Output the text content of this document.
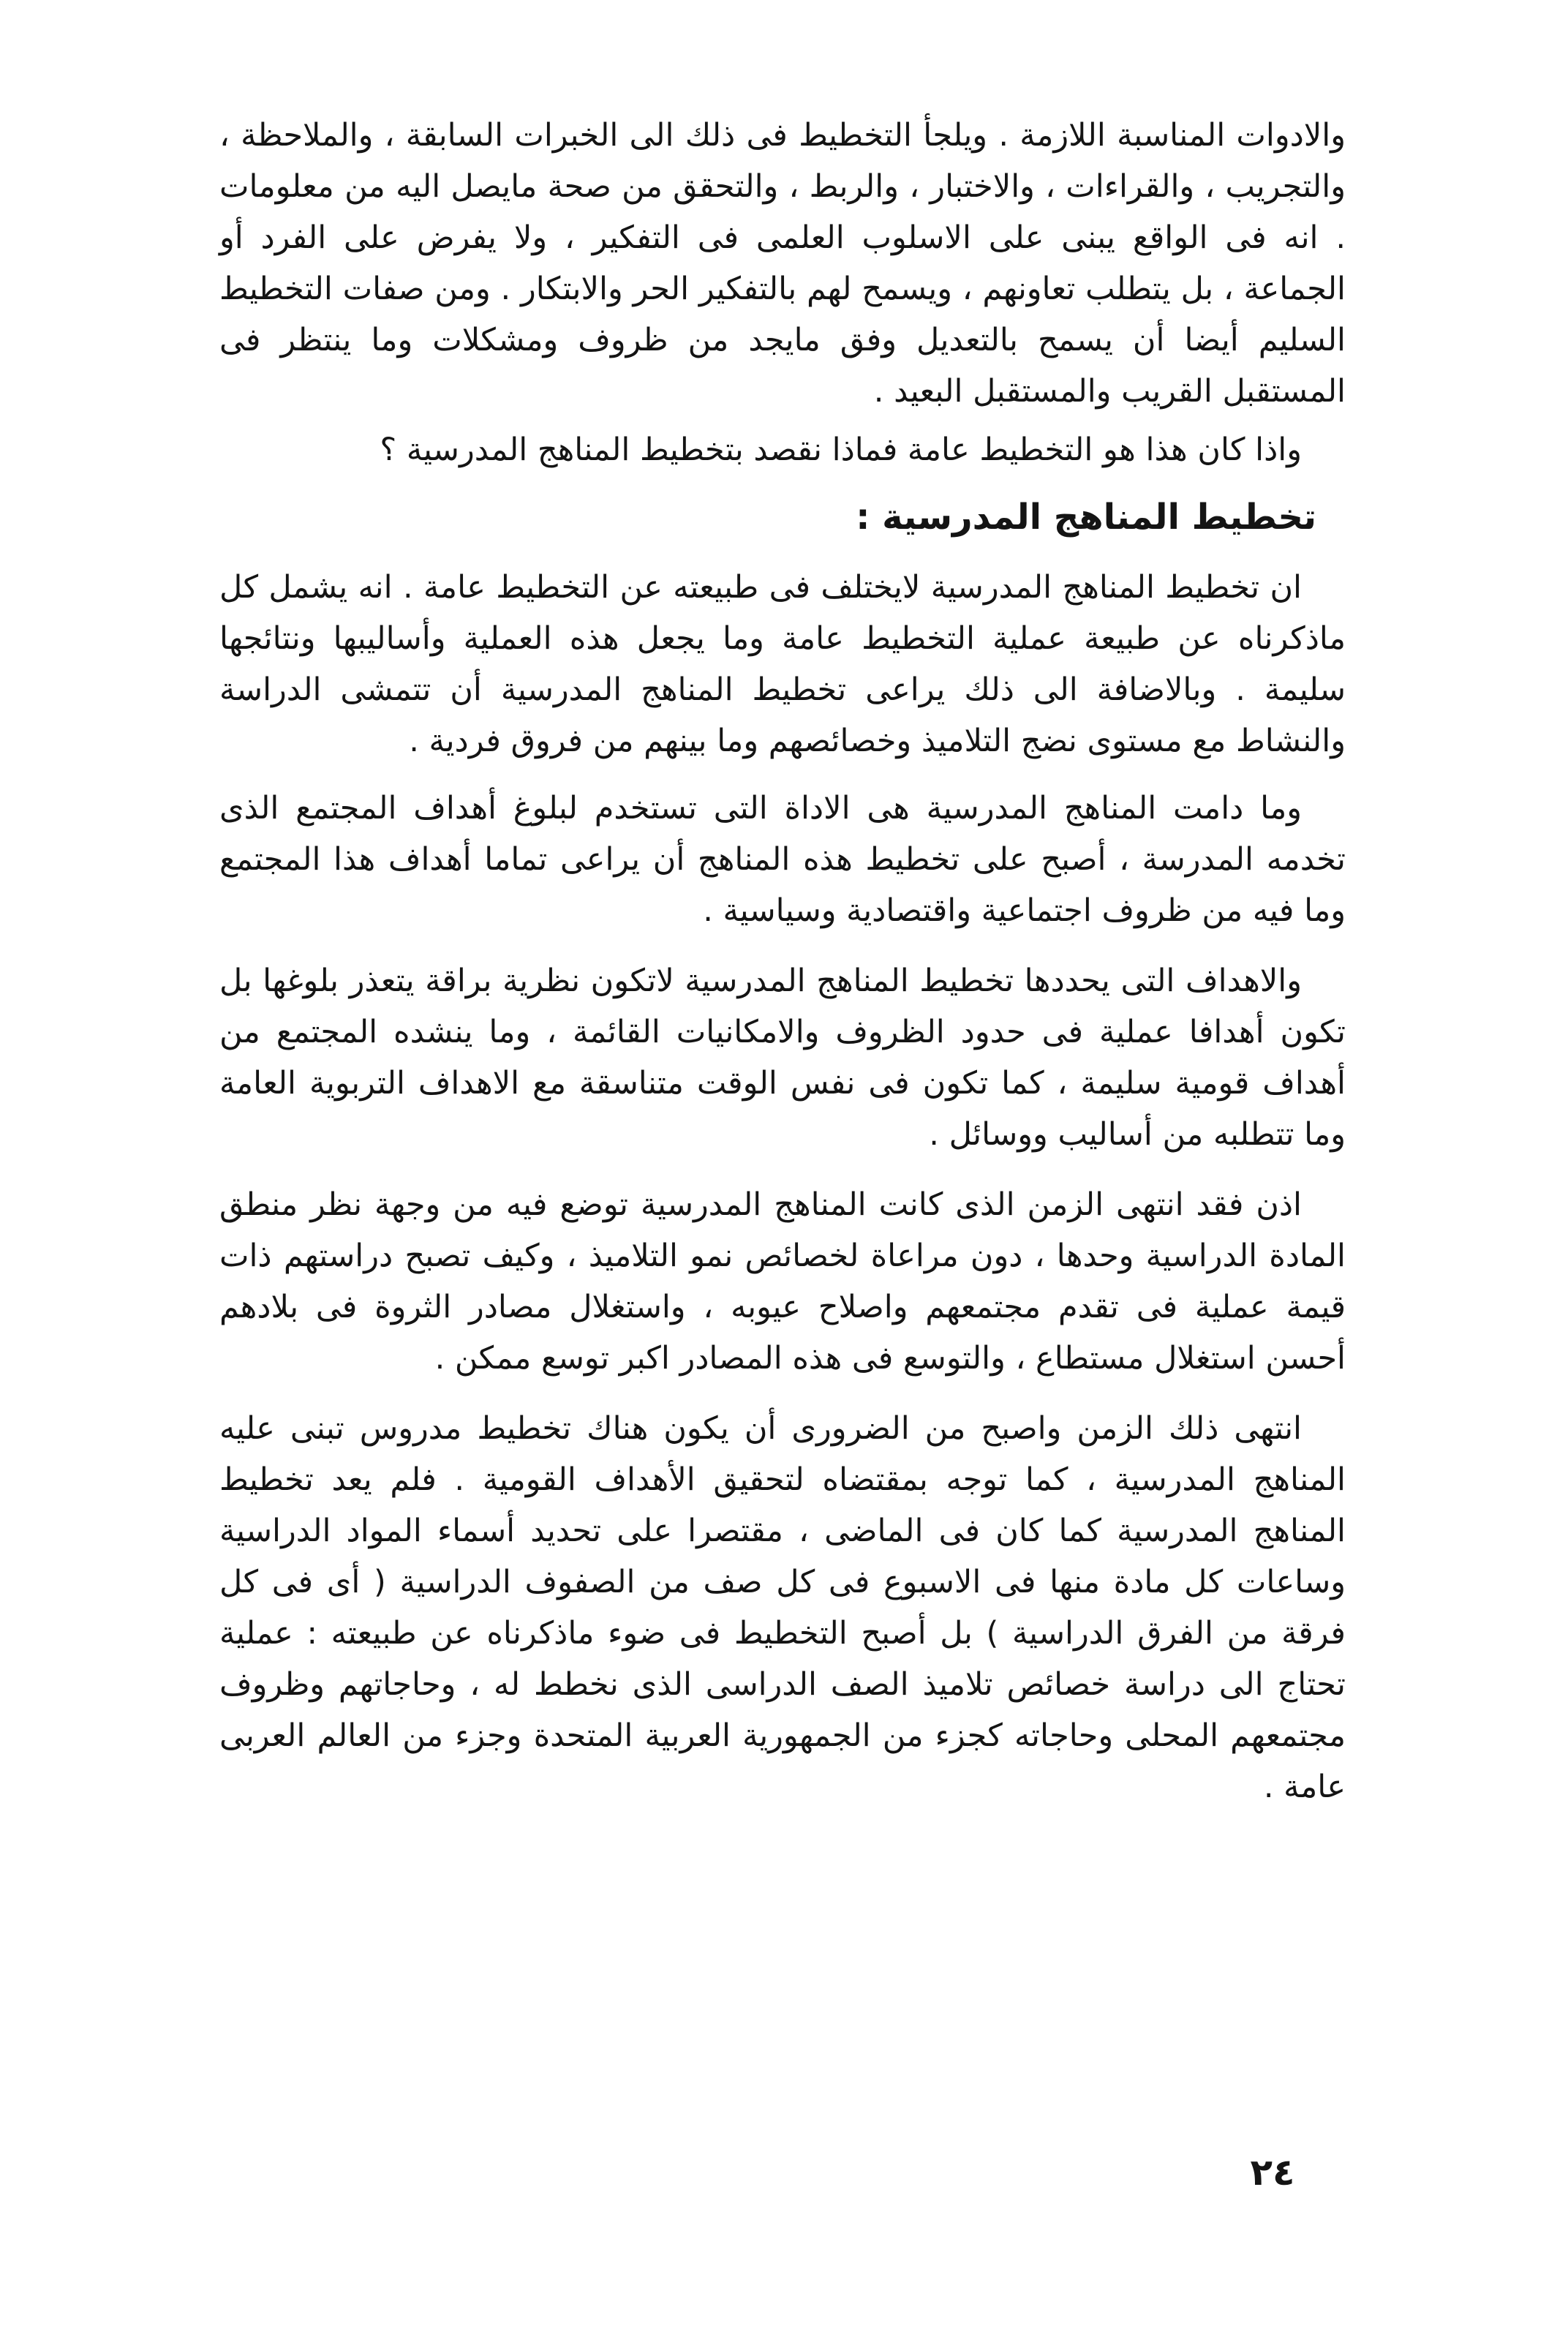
والادوات المناسبة اللازمة . ويلجأ التخطيط فى ذلك الى الخبرات السابقة ، والملاحظة ، والتجريب ، والقراءات ، والاختبار ، والربط ، والتحقق من صحة مايصل اليه من معلومات . انه فى الواقع يبنى على الاسلوب العلمى فى التفكير ، ولا يفرض على الفرد أو الجماعة ، بل يتطلب تعاونهم ، ويسمح لهم بالتفكير الحر والابتكار . ومن صفات التخطيط السليم أيضا أن يسمح بالتعديل وفق مايجد من ظروف ومشكلات وما ينتظر فى المستقبل القريب والمستقبل البعيد .

واذا كان هذا هو التخطيط عامة فماذا نقصد بتخطيط المناهج المدرسية ؟

تخطيط المناهج المدرسية :

ان تخطيط المناهج المدرسية لايختلف فى طبيعته عن التخطيط عامة . انه يشمل كل ماذكرناه عن طبيعة عملية التخطيط عامة وما يجعل هذه العملية وأساليبها ونتائجها سليمة . وبالاضافة الى ذلك يراعى تخطيط المناهج المدرسية أن تتمشى الدراسة والنشاط مع مستوى نضج التلاميذ وخصائصهم وما بينهم من فروق فردية .

وما دامت المناهج المدرسية هى الاداة التى تستخدم لبلوغ أهداف المجتمع الذى تخدمه المدرسة ، أصبح على تخطيط هذه المناهج أن يراعى تماما أهداف هذا المجتمع وما فيه من ظروف اجتماعية واقتصادية وسياسية .

والاهداف التى يحددها تخطيط المناهج المدرسية لاتكون نظرية براقة يتعذر بلوغها بل تكون أهدافا عملية فى حدود الظروف والامكانيات القائمة ، وما ينشده المجتمع من أهداف قومية سليمة ، كما تكون فى نفس الوقت متناسقة مع الاهداف التربوية العامة وما تتطلبه من أساليب ووسائل .

اذن فقد انتهى الزمن الذى كانت المناهج المدرسية توضع فيه من وجهة نظر منطق المادة الدراسية وحدها ، دون مراعاة لخصائص نمو التلاميذ ، وكيف تصبح دراستهم ذات قيمة عملية فى تقدم مجتمعهم واصلاح عيوبه ، واستغلال مصادر الثروة فى بلادهم أحسن استغلال مستطاع ، والتوسع فى هذه المصادر اكبر توسع ممكن .

انتهى ذلك الزمن واصبح من الضرورى أن يكون هناك تخطيط مدروس تبنى عليه المناهج المدرسية ، كما توجه بمقتضاه لتحقيق الأهداف القومية . فلم يعد تخطيط المناهج المدرسية كما كان فى الماضى ، مقتصرا على تحديد أسماء المواد الدراسية وساعات كل مادة منها فى الاسبوع فى كل صف من الصفوف الدراسية ( أى فى كل فرقة من الفرق الدراسية ) بل أصبح التخطيط فى ضوء ماذكرناه عن طبيعته : عملية تحتاج الى دراسة خصائص تلاميذ الصف الدراسى الذى نخطط له ، وحاجاتهم وظروف مجتمعهم المحلى وحاجاته كجزء من الجمهورية العربية المتحدة وجزء من العالم العربى عامة .

٢٤
